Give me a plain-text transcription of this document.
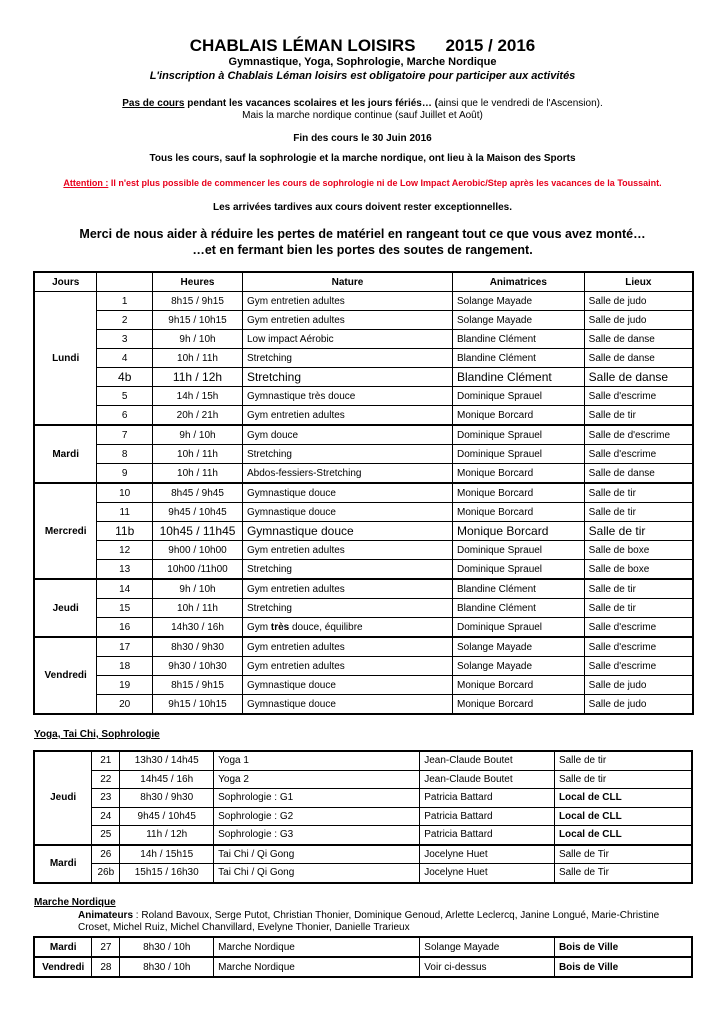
CHABLAIS LÉMAN LOISIRS 2015 / 2016
Gymnastique, Yoga, Sophrologie, Marche Nordique
L'inscription à Chablais Léman loisirs est obligatoire pour participer aux activités
Pas de cours pendant les vacances scolaires et les jours fériés… (ainsi que le vendredi de l'Ascension).
Mais la marche nordique continue (sauf Juillet et Août)
Fin des cours le 30 Juin 2016
Tous les cours, sauf la sophrologie et la marche nordique, ont lieu à la Maison des Sports
Attention : Il n'est plus possible de commencer les cours de sophrologie ni de Low Impact Aerobic/Step après les vacances de la Toussaint.
Les arrivées tardives aux cours doivent rester exceptionnelles.
Merci de nous aider à réduire les pertes de matériel en rangeant tout ce que vous avez monté…
…et en fermant bien les portes des soutes de rangement.
Jours		Heures	Nature	Animatrices	Lieux
Lundi	1	8h15 / 9h15	Gym entretien adultes	Solange Mayade	Salle de judo
	2	9h15 / 10h15	Gym entretien adultes	Solange Mayade	Salle de judo
	3	9h / 10h	Low impact Aérobic	Blandine Clément	Salle de danse
	4	10h / 11h	Stretching	Blandine Clément	Salle de danse
	4b	11h / 12h	Stretching	Blandine Clément	Salle de danse
	5	14h / 15h	Gymnastique très douce	Dominique Sprauel	Salle d'escrime
	6	20h / 21h	Gym entretien adultes	Monique Borcard	Salle de tir
Mardi	7	9h / 10h	Gym douce	Dominique Sprauel	Salle de d'escrime
	8	10h / 11h	Stretching	Dominique Sprauel	Salle d'escrime
	9	10h / 11h	Abdos-fessiers-Stretching	Monique Borcard	Salle de danse
Mercredi	10	8h45 / 9h45	Gymnastique douce	Monique Borcard	Salle de tir
	11	9h45 / 10h45	Gymnastique douce	Monique Borcard	Salle de tir
	11b	10h45 / 11h45	Gymnastique douce	Monique Borcard	Salle de tir
	12	9h00 / 10h00	Gym entretien adultes	Dominique Sprauel	Salle de boxe
	13	10h00 /11h00	Stretching	Dominique Sprauel	Salle de boxe
Jeudi	14	9h / 10h	Gym entretien adultes	Blandine Clément	Salle de tir
	15	10h / 11h	Stretching	Blandine Clément	Salle de tir
	16	14h30 / 16h	Gym très douce, équilibre	Dominique Sprauel	Salle d'escrime
Vendredi	17	8h30 / 9h30	Gym entretien adultes	Solange Mayade	Salle d'escrime
	18	9h30 / 10h30	Gym entretien adultes	Solange Mayade	Salle d'escrime
	19	8h15 / 9h15	Gymnastique douce	Monique Borcard	Salle de judo
	20	9h15 / 10h15	Gymnastique douce	Monique Borcard	Salle de judo
Yoga, Tai Chi, Sophrologie
Jeudi	21	13h30 / 14h45	Yoga 1	Jean-Claude Boutet	Salle de tir
	22	14h45 / 16h	Yoga 2	Jean-Claude Boutet	Salle de tir
	23	8h30 / 9h30	Sophrologie : G1	Patricia Battard	Local de CLL
	24	9h45 / 10h45	Sophrologie : G2	Patricia Battard	Local de CLL
	25	11h / 12h	Sophrologie : G3	Patricia Battard	Local de CLL
Mardi	26	14h / 15h15	Tai Chi / Qi Gong	Jocelyne Huet	Salle de Tir
	26b	15h15 / 16h30	Tai Chi / Qi Gong	Jocelyne Huet	Salle de Tir
Marche Nordique
Animateurs : Roland Bavoux, Serge Putot, Christian Thonier, Dominique Genoud, Arlette Leclercq, Janine Longué, Marie-Christine Croset, Michel Ruiz, Michel Chanvillard, Evelyne Thonier, Danielle Trarieux
Mardi	27	8h30 / 10h	Marche Nordique	Solange Mayade	Bois de Ville
Vendredi	28	8h30 / 10h	Marche Nordique	Voir ci-dessus	Bois de Ville
